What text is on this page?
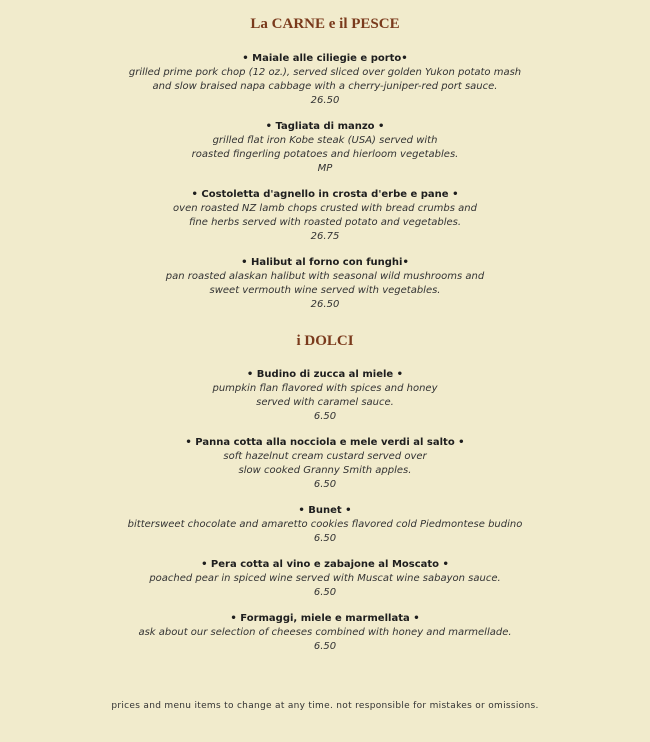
La CARNE e il PESCE
• Maiale alle ciliegie e porto•
grilled prime pork chop (12 oz.), served sliced over golden Yukon potato mash
and slow braised napa cabbage with a cherry-juniper-red port sauce.
26.50
• Tagliata di manzo •
grilled flat iron Kobe steak (USA) served with
roasted fingerling potatoes and hierloom vegetables.
MP
• Costoletta d'agnello in crosta d'erbe e pane •
oven roasted NZ lamb chops crusted with bread crumbs and
fine herbs served with roasted potato and vegetables.
26.75
• Halibut al forno con funghi•
pan roasted alaskan halibut with seasonal wild mushrooms and
sweet vermouth wine served with vegetables.
26.50
i DOLCI
• Budino di zucca al miele •
pumpkin flan flavored with spices and honey
served with caramel sauce.
6.50
• Panna cotta alla nocciola e mele verdi al salto •
soft hazelnut cream custard served over
slow cooked Granny Smith apples.
6.50
• Bunet •
bittersweet chocolate and amaretto cookies flavored cold Piedmontese budino
6.50
• Pera cotta al vino e zabajone al Moscato •
poached pear in spiced wine served with Muscat wine sabayon sauce.
6.50
• Formaggi, miele e marmellata •
ask about our selection of cheeses combined with honey and marmellade.
6.50
prices and menu items to change at any time. not responsible for mistakes or omissions.
